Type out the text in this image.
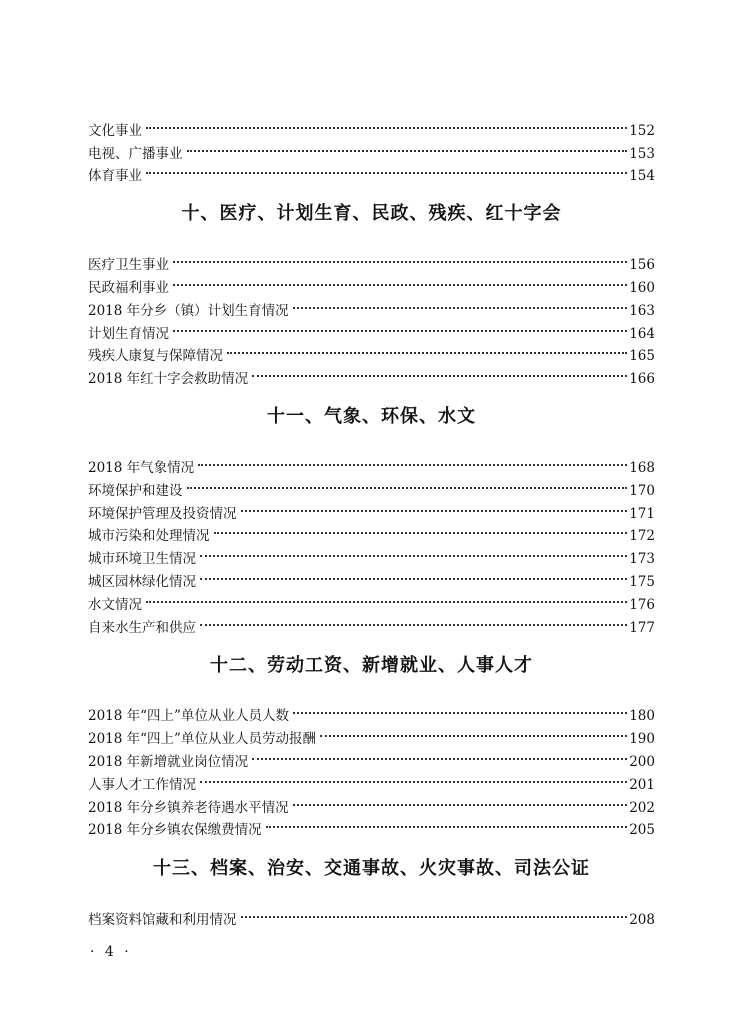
文化事业	152
电视、广播事业	153
体育事业	154
十、医疗、计划生育、民政、残疾、红十字会
医疗卫生事业	156
民政福利事业	160
2018 年分乡（镇）计划生育情况	163
计划生育情况	164
残疾人康复与保障情况	165
2018 年红十字会救助情况	166
十一、气象、环保、水文
2018 年气象情况	168
环境保护和建设	170
环境保护管理及投资情况	171
城市污染和处理情况	172
城市环境卫生情况	173
城区园林绿化情况	175
水文情况	176
自来水生产和供应	177
十二、劳动工资、新增就业、人事人才
2018 年“四上”单位从业人员人数	180
2018 年“四上”单位从业人员劳动报酬	190
2018 年新增就业岗位情况	200
人事人才工作情况	201
2018 年分乡镇养老待遇水平情况	202
2018 年分乡镇农保缴费情况	205
十三、档案、治安、交通事故、火灾事故、司法公证
档案资料馆藏和利用情况	208
· 4 ·
